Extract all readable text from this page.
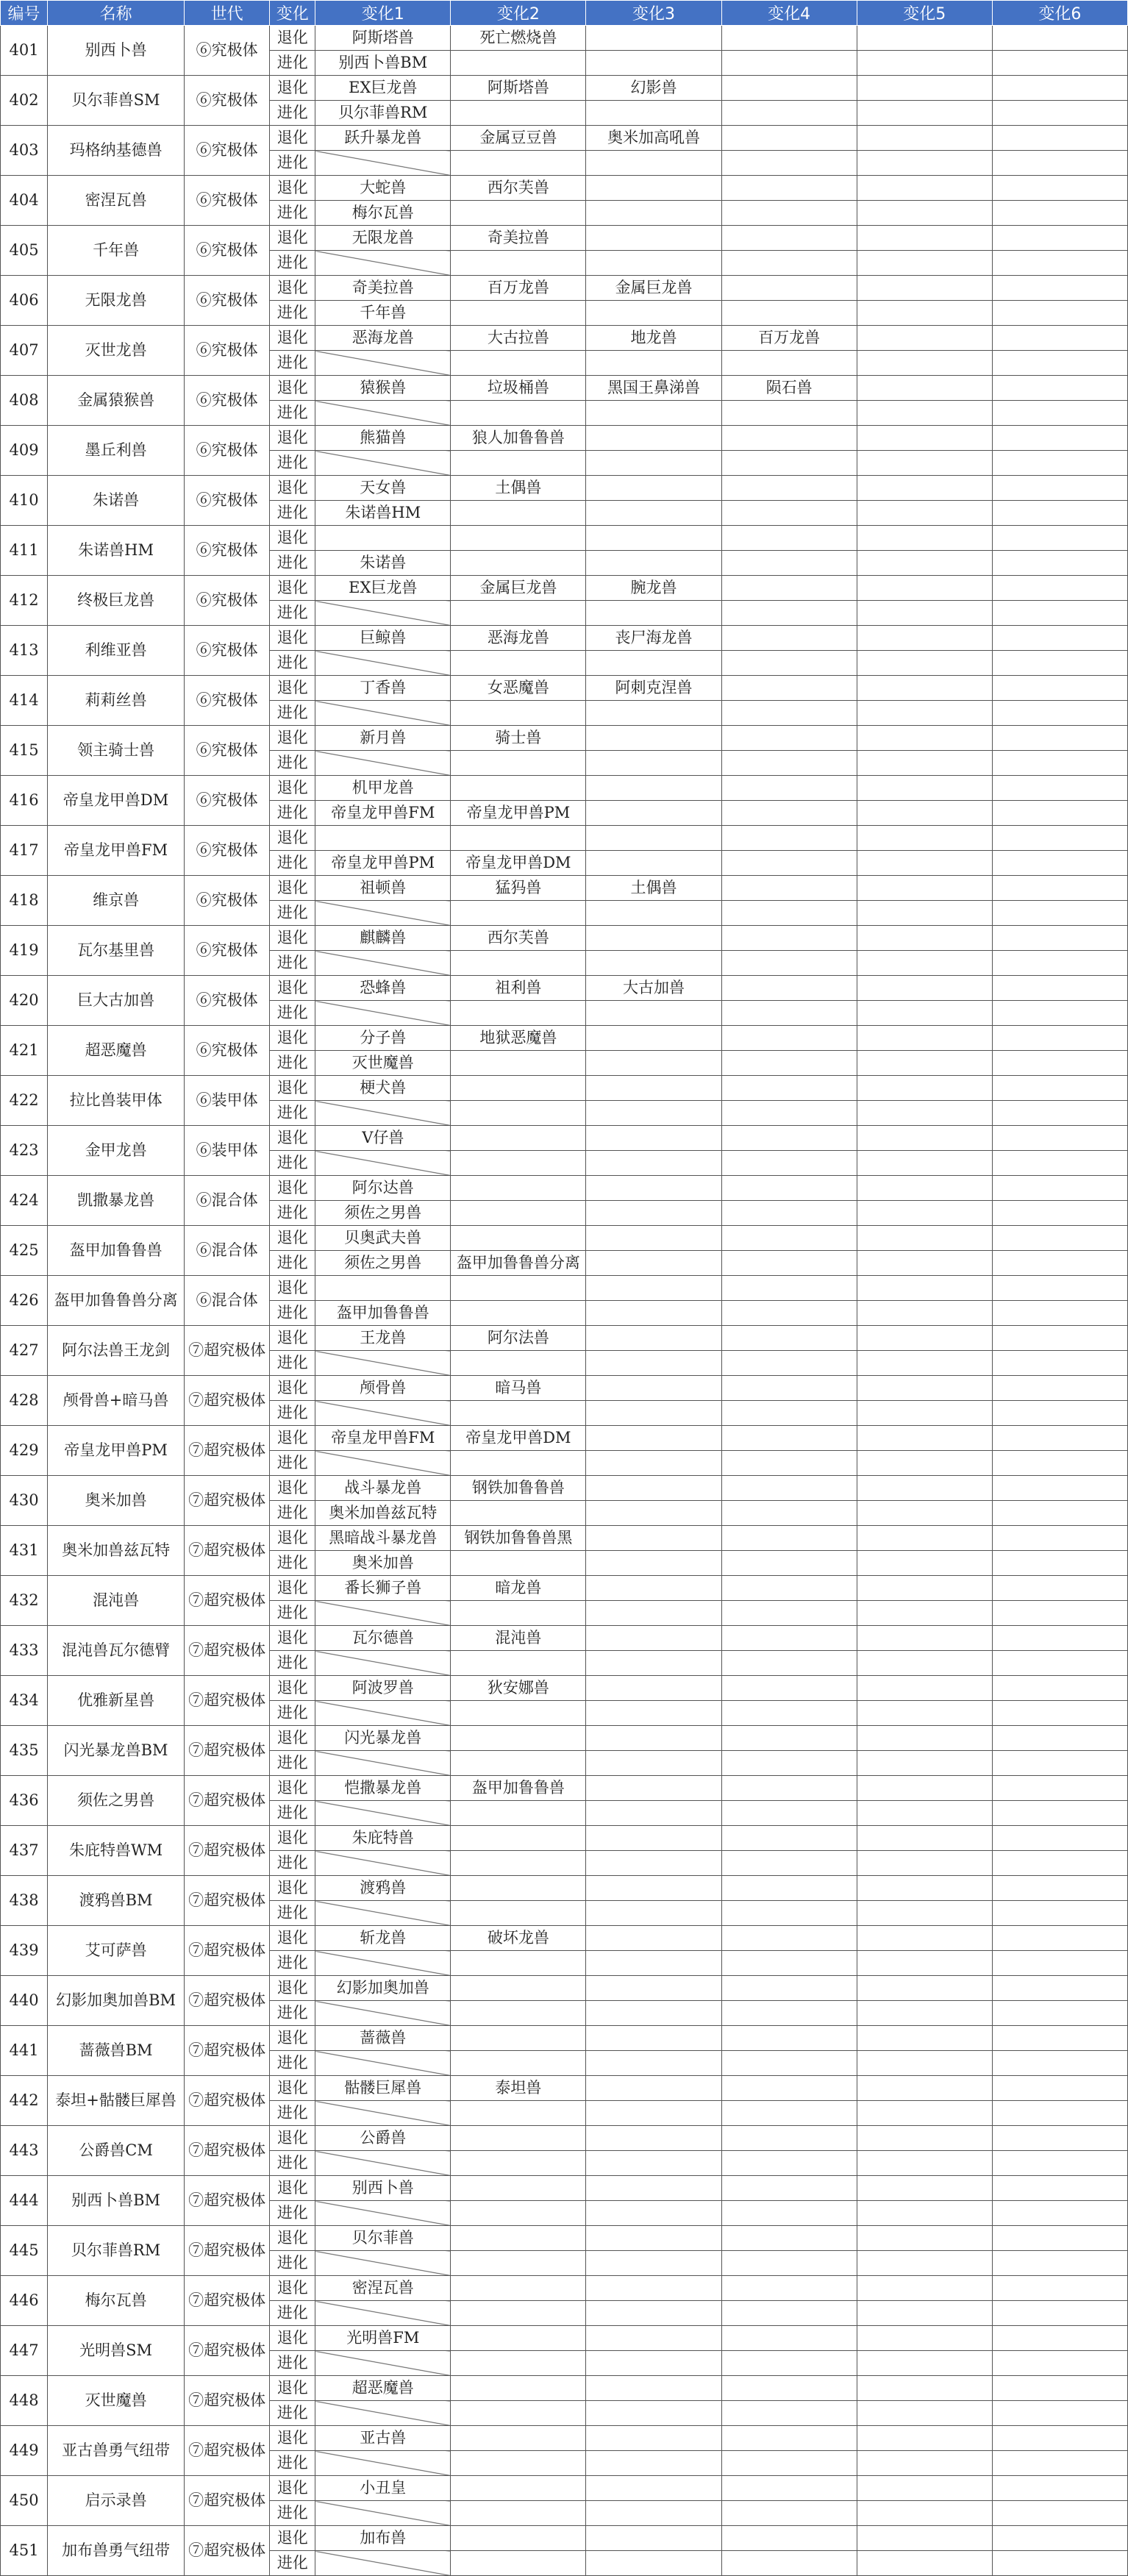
编号	名称	世代	变化	变化1	变化2	变化3	变化4	变化5	变化6
401	别西卜兽	⑥究极体	退化	阿斯塔兽	死亡燃烧兽				
			进化	别西卜兽BM					
402	贝尔菲兽SM	⑥究极体	退化	EX巨龙兽	阿斯塔兽	幻影兽			
			进化	贝尔菲兽RM					
403	玛格纳基德兽	⑥究极体	退化	跃升暴龙兽	金属豆豆兽	奥米加高吼兽			
			进化						
404	密涅瓦兽	⑥究极体	退化	大蛇兽	西尔芙兽				
			进化	梅尔瓦兽					
405	千年兽	⑥究极体	退化	无限龙兽	奇美拉兽				
			进化						
406	无限龙兽	⑥究极体	退化	奇美拉兽	百万龙兽	金属巨龙兽			
			进化	千年兽					
407	灭世龙兽	⑥究极体	退化	恶海龙兽	大古拉兽	地龙兽	百万龙兽		
			进化						
408	金属猿猴兽	⑥究极体	退化	猿猴兽	垃圾桶兽	黑国王鼻涕兽	陨石兽		
			进化						
409	墨丘利兽	⑥究极体	退化	熊猫兽	狼人加鲁鲁兽				
			进化						
410	朱诺兽	⑥究极体	退化	天女兽	土偶兽				
			进化	朱诺兽HM					
411	朱诺兽HM	⑥究极体	退化						
			进化	朱诺兽					
412	终极巨龙兽	⑥究极体	退化	EX巨龙兽	金属巨龙兽	腕龙兽			
			进化						
413	利维亚兽	⑥究极体	退化	巨鲸兽	恶海龙兽	丧尸海龙兽			
			进化						
414	莉莉丝兽	⑥究极体	退化	丁香兽	女恶魔兽	阿刺克涅兽			
			进化						
415	领主骑士兽	⑥究极体	退化	新月兽	骑士兽				
			进化						
416	帝皇龙甲兽DM	⑥究极体	退化	机甲龙兽					
			进化	帝皇龙甲兽FM	帝皇龙甲兽PM				
417	帝皇龙甲兽FM	⑥究极体	退化						
			进化	帝皇龙甲兽PM	帝皇龙甲兽DM				
418	维京兽	⑥究极体	退化	祖顿兽	猛犸兽	土偶兽			
			进化						
419	瓦尔基里兽	⑥究极体	退化	麒麟兽	西尔芙兽				
			进化						
420	巨大古加兽	⑥究极体	退化	恐蜂兽	祖利兽	大古加兽			
			进化						
421	超恶魔兽	⑥究极体	退化	分子兽	地狱恶魔兽				
			进化	灭世魔兽					
422	拉比兽装甲体	⑥装甲体	退化	梗犬兽					
			进化						
423	金甲龙兽	⑥装甲体	退化	V仔兽					
			进化						
424	凯撒暴龙兽	⑥混合体	退化	阿尔达兽					
			进化	须佐之男兽					
425	盔甲加鲁鲁兽	⑥混合体	退化	贝奥武夫兽					
			进化	须佐之男兽	盔甲加鲁鲁兽分离				
426	盔甲加鲁鲁兽分离	⑥混合体	退化						
			进化	盔甲加鲁鲁兽					
427	阿尔法兽王龙剑	⑦超究极体	退化	王龙兽	阿尔法兽				
			进化						
428	颅骨兽+暗马兽	⑦超究极体	退化	颅骨兽	暗马兽				
			进化						
429	帝皇龙甲兽PM	⑦超究极体	退化	帝皇龙甲兽FM	帝皇龙甲兽DM				
			进化						
430	奥米加兽	⑦超究极体	退化	战斗暴龙兽	钢铁加鲁鲁兽				
			进化	奥米加兽兹瓦特					
431	奥米加兽兹瓦特	⑦超究极体	退化	黑暗战斗暴龙兽	钢铁加鲁鲁兽黑				
			进化	奥米加兽					
432	混沌兽	⑦超究极体	退化	番长狮子兽	暗龙兽				
			进化						
433	混沌兽瓦尔德臂	⑦超究极体	退化	瓦尔德兽	混沌兽				
			进化						
434	优雅新星兽	⑦超究极体	退化	阿波罗兽	狄安娜兽				
			进化						
435	闪光暴龙兽BM	⑦超究极体	退化	闪光暴龙兽					
			进化						
436	须佐之男兽	⑦超究极体	退化	恺撒暴龙兽	盔甲加鲁鲁兽				
			进化						
437	朱庇特兽WM	⑦超究极体	退化	朱庇特兽					
			进化						
438	渡鸦兽BM	⑦超究极体	退化	渡鸦兽					
			进化						
439	艾可萨兽	⑦超究极体	退化	斩龙兽	破坏龙兽				
			进化						
440	幻影加奥加兽BM	⑦超究极体	退化	幻影加奥加兽					
			进化						
441	蔷薇兽BM	⑦超究极体	退化	蔷薇兽					
			进化						
442	泰坦+骷髅巨犀兽	⑦超究极体	退化	骷髅巨犀兽	泰坦兽				
			进化						
443	公爵兽CM	⑦超究极体	退化	公爵兽					
			进化						
444	别西卜兽BM	⑦超究极体	退化	别西卜兽					
			进化						
445	贝尔菲兽RM	⑦超究极体	退化	贝尔菲兽					
			进化						
446	梅尔瓦兽	⑦超究极体	退化	密涅瓦兽					
			进化						
447	光明兽SM	⑦超究极体	退化	光明兽FM					
			进化						
448	灭世魔兽	⑦超究极体	退化	超恶魔兽					
			进化						
449	亚古兽勇气纽带	⑦超究极体	退化	亚古兽					
			进化						
450	启示录兽	⑦超究极体	退化	小丑皇					
			进化						
451	加布兽勇气纽带	⑦超究极体	退化	加布兽					
			进化						
